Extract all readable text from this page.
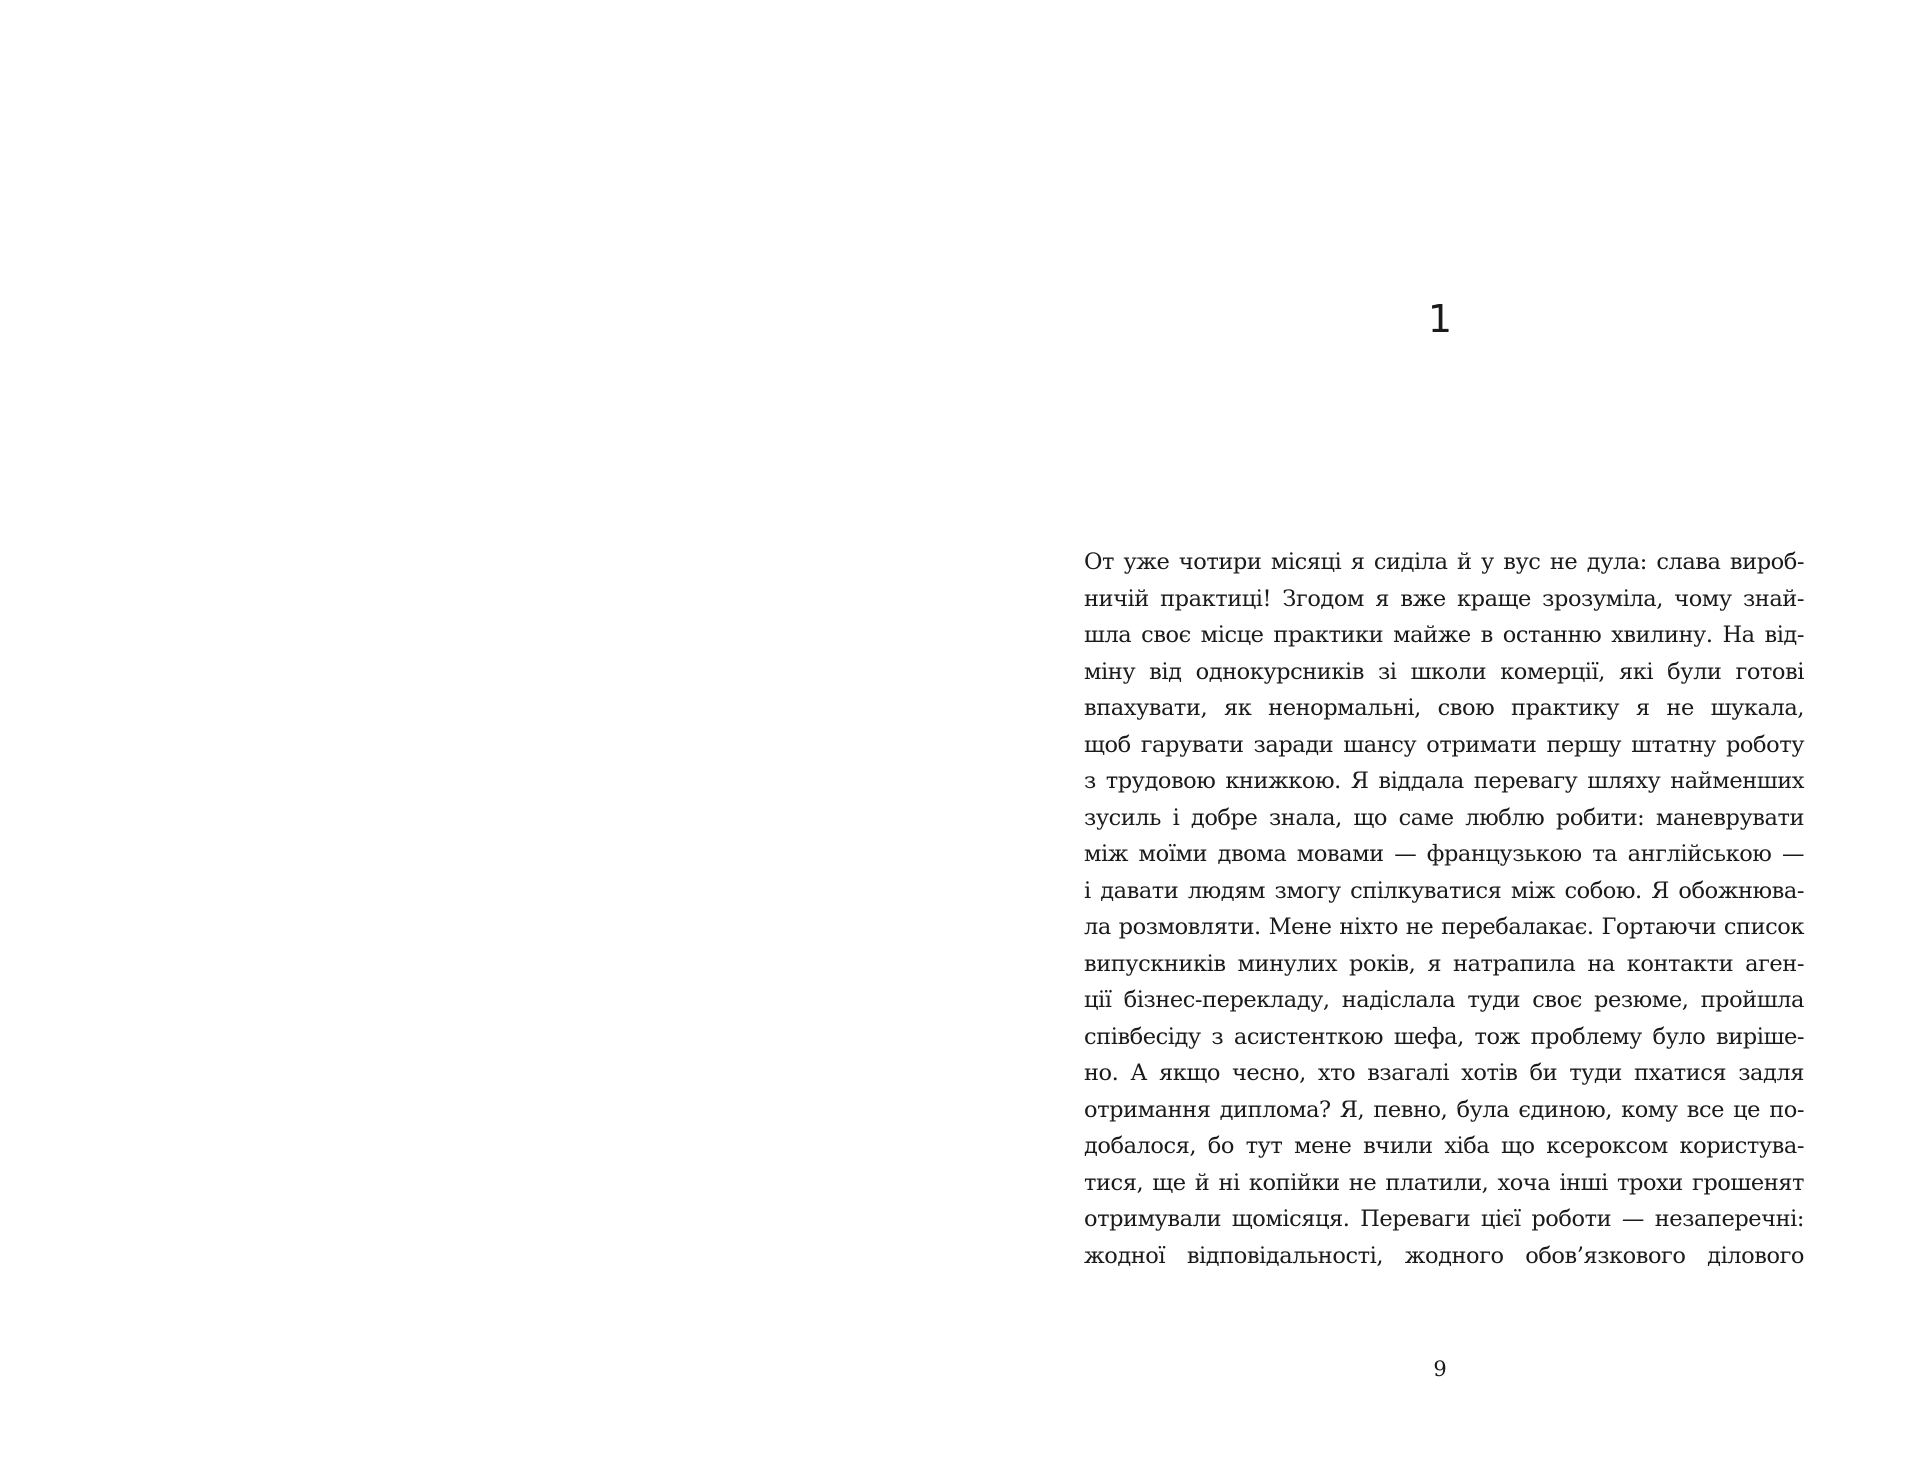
1
От уже чотири місяці я сиділа й у вус не дула: слава вироб-
ничій практиці! Згодом я вже краще зрозуміла, чому знай-
шла своє місце практики майже в останню хвилину. На від-
міну від однокурсників зі школи комерції, які були готові
впахувати, як ненормальні, свою практику я не шукала,
щоб гарувати заради шансу отримати першу штатну роботу
з трудовою книжкою. Я віддала перевагу шляху найменших
зусиль і добре знала, що саме люблю робити: маневрувати
між моїми двома мовами — французькою та англійською —
і давати людям змогу спілкуватися між собою. Я обожнюва-
ла розмовляти. Мене ніхто не перебалакає. Гортаючи список
випускників минулих років, я натрапила на контакти аген-
ції бізнес-перекладу, надіслала туди своє резюме, пройшла
співбесіду з асистенткою шефа, тож проблему було виріше-
но. А якщо чесно, хто взагалі хотів би туди пхатися задля
отримання диплома? Я, певно, була єдиною, кому все це по-
добалося, бо тут мене вчили хіба що ксероксом користува-
тися, ще й ні копійки не платили, хоча інші трохи грошенят
отримували щомісяця. Переваги цієї роботи — незаперечні:
жодної відповідальності, жодного обов’язкового ділового
9
